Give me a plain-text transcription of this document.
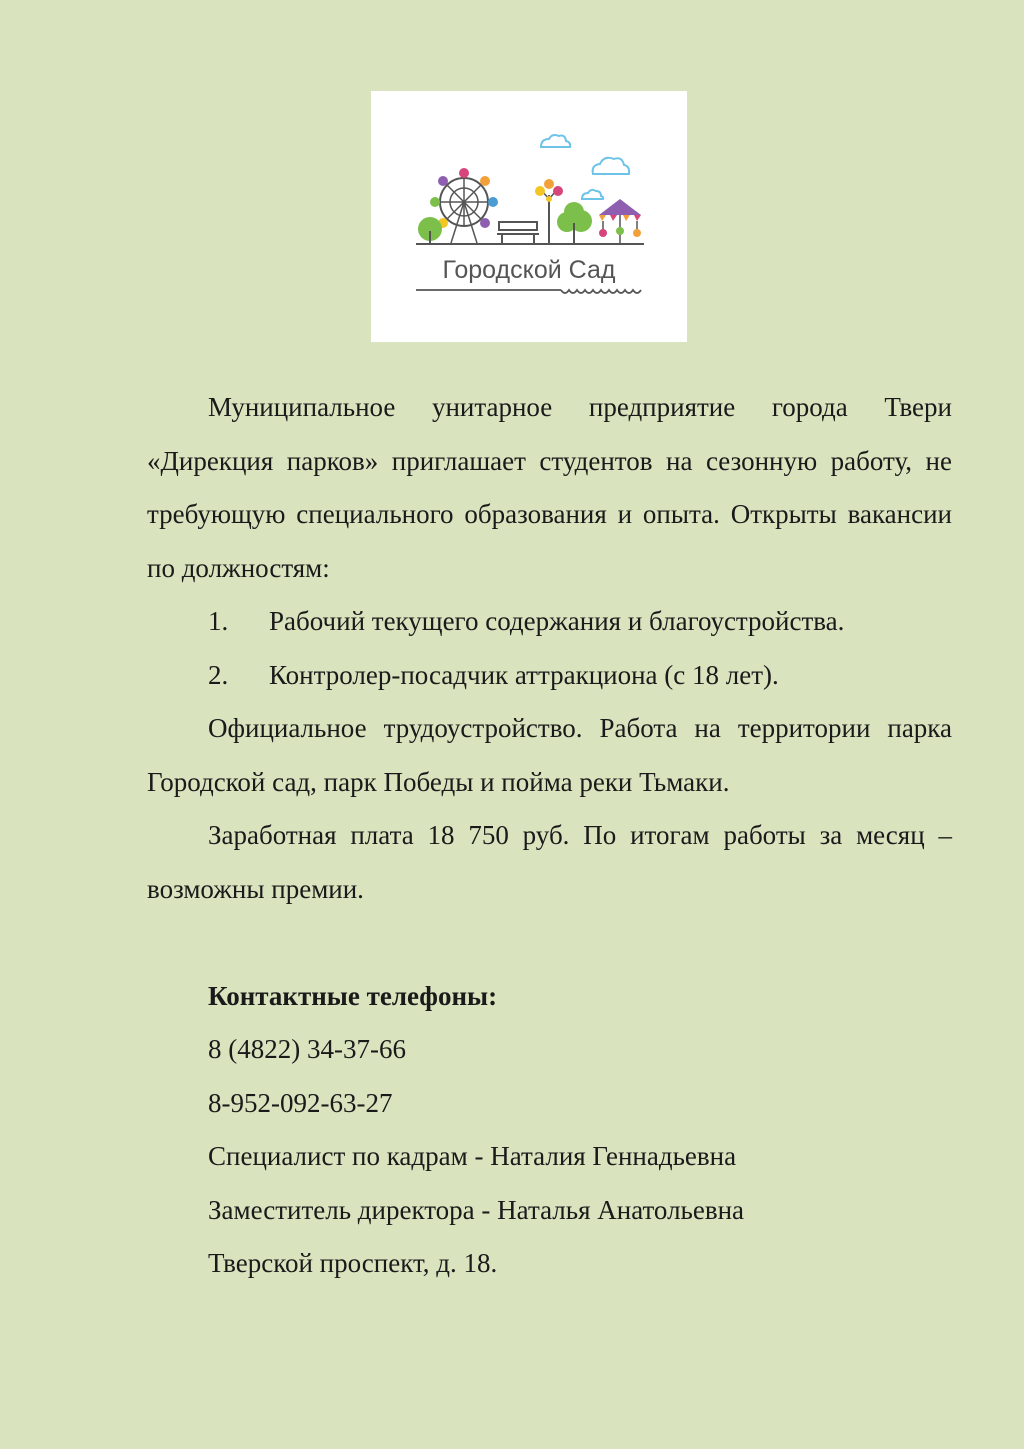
Городской Сад

Муниципальное унитарное предприятие города Твери «Дирекция парков» приглашает студентов на сезонную работу, не требующую специального образования и опыта. Открыты вакансии по должностям:

1.	Рабочий текущего содержания и благоустройства.
2.	Контролер-посадчик аттракциона (с 18 лет).

Официальное трудоустройство. Работа на территории парка Городской сад, парк Победы и пойма реки Тьмаки.

Заработная плата 18 750 руб. По итогам работы за месяц – возможны премии.

Контактные телефоны:

8 (4822) 34-37-66

8-952-092-63-27

Специалист по кадрам - Наталия Геннадьевна

Заместитель директора - Наталья Анатольевна

Тверской проспект, д. 18.
